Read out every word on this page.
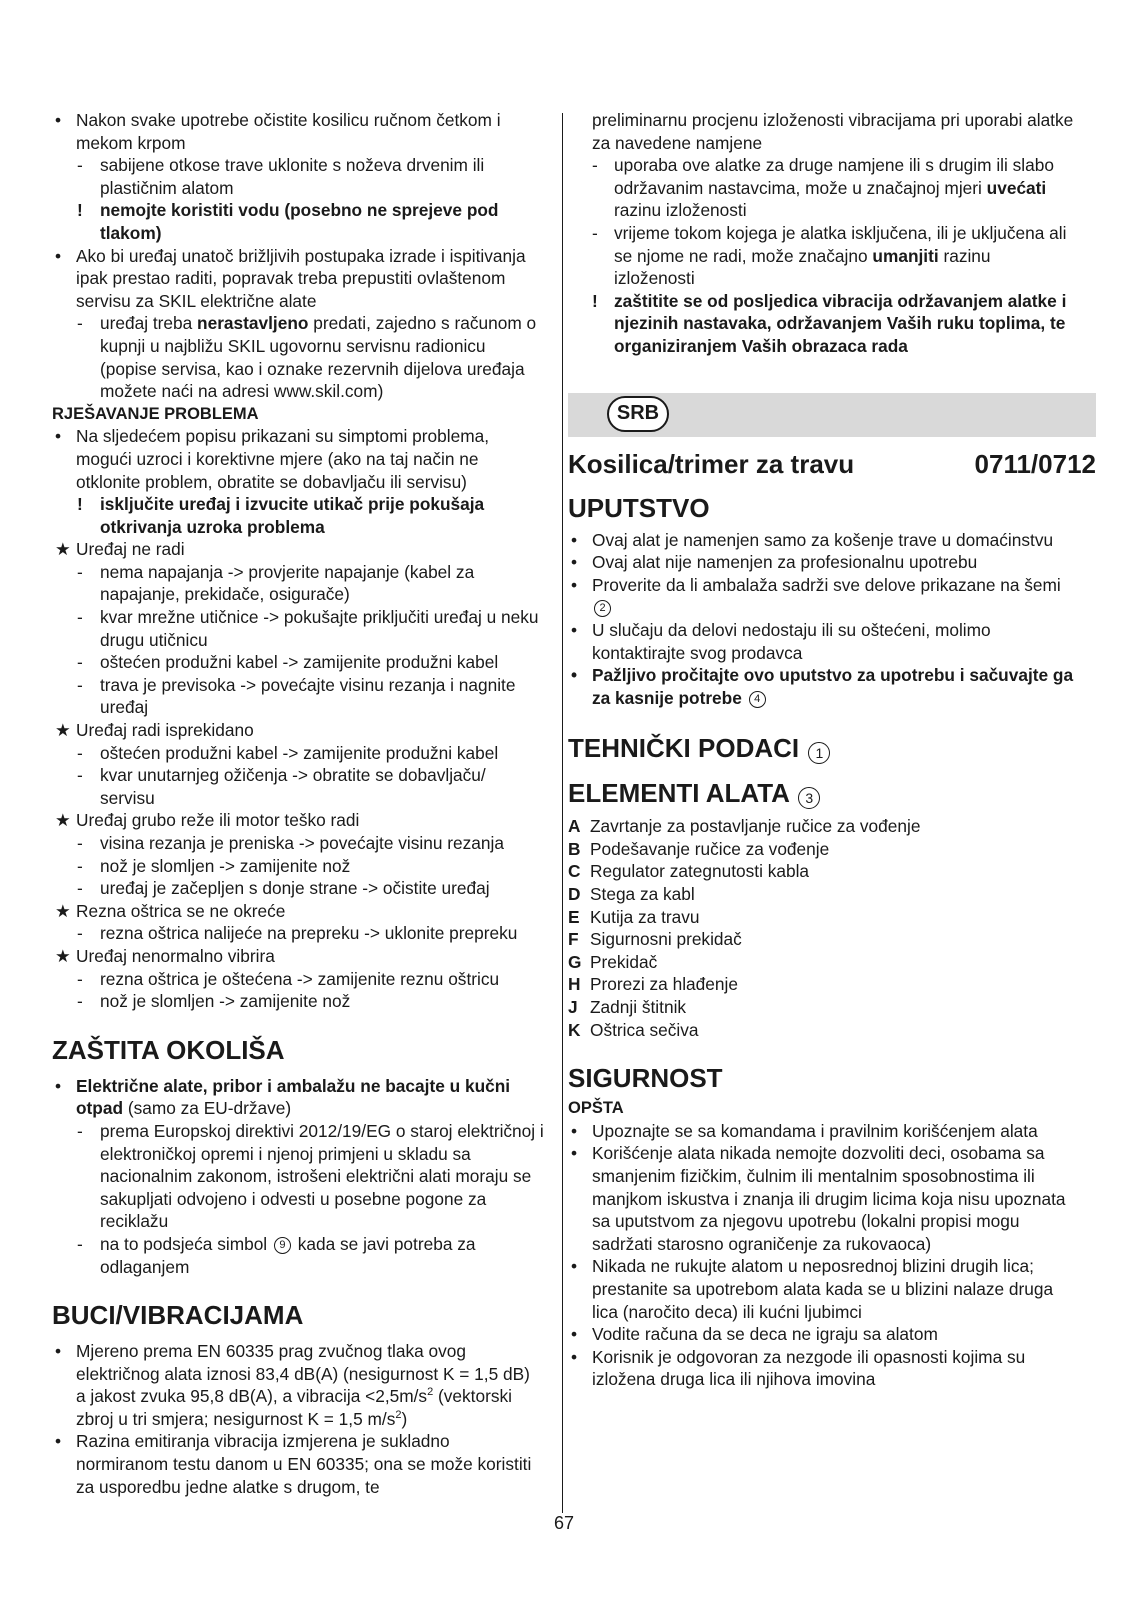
• Nakon svake upotrebe očistite kosilicu ručnom četkom i mekom krpom
- sabijene otkose trave uklonite s noževa drvenim ili plastičnim alatom
! nemojte koristiti vodu (posebno ne sprejeve pod tlakom)
• Ako bi uređaj unatoč brižljivih postupaka izrade i ispitivanja ipak prestao raditi, popravak treba prepustiti ovlaštenom servisu za SKIL električne alate
- uređaj treba nerastavljeno predati, zajedno s računom o kupnji u najbližu SKIL ugovornu servisnu radionicu (popise servisa, kao i oznake rezervnih dijelova uređaja možete naći na adresi www.skil.com)
RJEŠAVANJE PROBLEMA
• Na sljedećem popisu prikazani su simptomi problema, mogući uzroci i korektivne mjere (ako na taj način ne otklonite problem, obratite se dobavljaču ili servisu)
! isključite uređaj i izvucite utikač prije pokušaja otkrivanja uzroka problema
★ Uređaj ne radi
- nema napajanja -> provjerite napajanje (kabel za napajanje, prekidače, osigurače)
- kvar mrežne utičnice -> pokušajte priključiti uređaj u neku drugu utičnicu
- oštećen produžni kabel -> zamijenite produžni kabel
- trava je previsoka -> povećajte visinu rezanja i nagnite uređaj
★ Uređaj radi isprekidano
- oštećen produžni kabel -> zamijenite produžni kabel
- kvar unutarnjeg ožičenja -> obratite se dobavljaču/ servisu
★ Uređaj grubo reže ili motor teško radi
- visina rezanja je preniska -> povećajte visinu rezanja
- nož je slomljen -> zamijenite nož
- uređaj je začepljen s donje strane -> očistite uređaj
★ Rezna oštrica se ne okreće
- rezna oštrica nalijeće na prepreku -> uklonite prepreku
★ Uređaj nenormalno vibrira
- rezna oštrica je oštećena -> zamijenite reznu oštricu
- nož je slomljen -> zamijenite nož
ZAŠTITA OKOLIŠA
• Električne alate, pribor i ambalažu ne bacajte u kučni otpad (samo za EU-države)
- prema Europskoj direktivi 2012/19/EG o staroj električnoj i elektroničkoj opremi i njenoj primjeni u skladu sa nacionalnim zakonom, istrošeni električni alati moraju se sakupljati odvojeno i odvesti u posebne pogone za reciklažu
- na to podsjeća simbol 9 kada se javi potreba za odlaganjem
BUCI/VIBRACIJAMA
• Mjereno prema EN 60335 prag zvučnog tlaka ovog električnog alata iznosi 83,4 dB(A) (nesigurnost K = 1,5 dB) a jakost zvuka 95,8 dB(A), a vibracija $<2,5m/s^2$ (vektorski zbroj u tri smjera; nesigurnost K = 1,5 $m/s^2$)
• Razina emitiranja vibracija izmjerena je sukladno normiranom testu danom u EN 60335; ona se može koristiti za usporedbu jedne alatke s drugom, te
preliminarnu procjenu izloženosti vibracijama pri uporabi alatke za navedene namjene
- uporaba ove alatke za druge namjene ili s drugim ili slabo održavanim nastavcima, može u značajnoj mjeri uvećati razinu izloženosti
- vrijeme tokom kojega je alatka isključena, ili je uključena ali se njome ne radi, može značajno umanjiti razinu izloženosti
! zaštitite se od posljedica vibracija održavanjem alatke i njezinih nastavaka, održavanjem Vaših ruku toplima, te organiziranjem Vaših obrazaca rada
SRB
Kosilica/trimer za travu	0711/0712
UPUTSTVO
• Ovaj alat je namenjen samo za košenje trave u domaćinstvu
• Ovaj alat nije namenjen za profesionalnu upotrebu
• Proverite da li ambalaža sadrži sve delove prikazane na šemi 2
• U slučaju da delovi nedostaju ili su oštećeni, molimo kontaktirajte svog prodavca
• Pažljivo pročitajte ovo uputstvo za upotrebu i sačuvajte ga za kasnije potrebe 4
TEHNIČKI PODACI 1
ELEMENTI ALATA 3
A Zavrtanje za postavljanje ručice za vođenje
B Podešavanje ručice za vođenje
C Regulator zategnutosti kabla
D Stega za kabl
E Kutija za travu
F Sigurnosni prekidač
G Prekidač
H Prorezi za hlađenje
J Zadnji štitnik
K Oštrica sečiva
SIGURNOST
OPŠTA
• Upoznajte se sa komandama i pravilnim korišćenjem alata
• Korišćenje alata nikada nemojte dozvoliti deci, osobama sa smanjenim fizičkim, čulnim ili mentalnim sposobnostima ili manjkom iskustva i znanja ili drugim licima koja nisu upoznata sa uputstvom za njegovu upotrebu (lokalni propisi mogu sadržati starosno ograničenje za rukovaoca)
• Nikada ne rukujte alatom u neposrednoj blizini drugih lica; prestanite sa upotrebom alata kada se u blizini nalaze druga lica (naročito deca) ili kućni ljubimci
• Vodite računa da se deca ne igraju sa alatom
• Korisnik je odgovoran za nezgode ili opasnosti kojima su izložena druga lica ili njihova imovina
67
